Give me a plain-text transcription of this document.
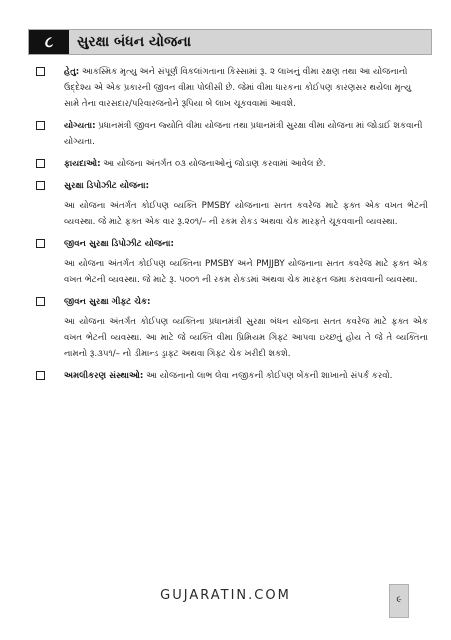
૮	સુરક્ષા બંધન યોજના
હેતુ: આકસ્મિક મૃત્યુ અને સંપૂર્ણ વિકલાંગતાના કિસ્સામાં રૂ. ૨ લાખનું વીમા રક્ષણ તથા આ યોજનાનો ઉદ્દેશ્ય એ એક પ્રકારની જીવન વીમા પોલીસી છે. જેમાં વીમા ધારકના કોઈપણ કારણસર થયેલા મૃત્યુ સામે તેના વારસદાર/પરિવારજનોને રૂપિયા બે લાખ ચૂકવવામાં આવશે.
યોગ્યતા: પ્રધાનમંત્રી જીવન જ્યોતિ વીમા યોજના તથા પ્રધાનમંત્રી સુરક્ષા વીમા યોજના માં જોડાઈ શકવાની યોગ્યતા.
ફાયદાઓ: આ યોજના અંતર્ગત ૦૩ યોજનાઓનું જોડાણ કરવામાં આવેલ છે.
સુરક્ષા ડિપોઝીટ યોજના:
આ યોજના અંતર્ગત કોઈપણ વ્યક્તિ PMSBY યોજનાના સતત કવરેજ માટે ફક્ત એક વખત ભેટની વ્યવસ્થા. જે માટે ફક્ત એક વાર રૂ.૨૦૧/– ની રકમ રોકડ અથવા ચેક મારફતે ચૂકવવાની વ્યવસ્થા.
જીવન સુરક્ષા ડિપોઝીટ યોજના:
આ યોજના અંતર્ગત કોઈપણ વ્યક્તિના PMSBY અને PMJJBY યોજનાના સતત કવરેજ માટે ફક્ત એક વખત ભેટની વ્યવસ્થા. જે માટે રૂ. ૫૦૦૧ ની રકમ રોકડમાં અથવા ચેક મારફત જમા કરાવવાની વ્યવસ્થા.
જીવન સુરક્ષા ગીફ્ટ ચેક:
આ યોજના અંતર્ગત કોઈપણ વ્યક્તિના પ્રધાનમંત્રી સુરક્ષા બંધન યોજના સતત કવરેજ માટે ફક્ત એક વખત ભેટની વ્યવસ્થા. આ માટે જે વ્યક્તિ વીમા પ્રિમિયમ ગિફ્ટ આપવા ઇચ્છતું હોય તે જે તે વ્યક્તિના નામનો રૂ.૩૫૧/– નો ડીમાન્ડ ડ્રાફ્ટ અથવા ગિફ્ટ ચેક ખરીદી શકશે.
અમલીકરણ સંસ્થાઓ: આ યોજનાનો લાભ લેવા નજીકની કોઈપણ બેંકની શાખાનો સંપર્ક કરવો.
GUJARATIN.COM	૯
